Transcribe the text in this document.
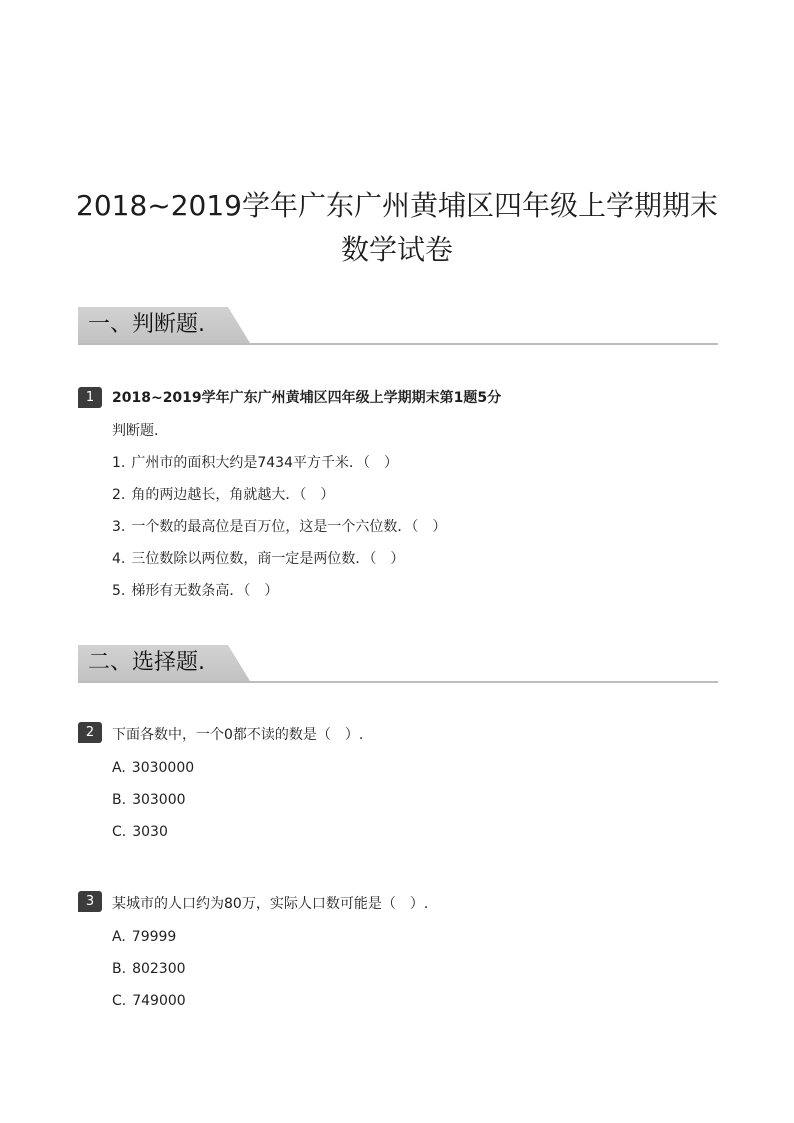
2018~2019学年广东广州黄埔区四年级上学期期末
数学试卷
一、判断题.
1	2018~2019学年广东广州黄埔区四年级上学期期末第1题5分
判断题.
1. 广州市的面积大约是7434平方千米．（　）
2. 角的两边越长，角就越大．（　）
3. 一个数的最高位是百万位，这是一个六位数．（　）
4. 三位数除以两位数，商一定是两位数．（　）
5. 梯形有无数条高．（　）
二、选择题.
2	下面各数中，一个0都不读的数是（　）.
A. 3030000
B. 303000
C. 3030
3	某城市的人口约为80万，实际人口数可能是（　）.
A. 79999
B. 802300
C. 749000
